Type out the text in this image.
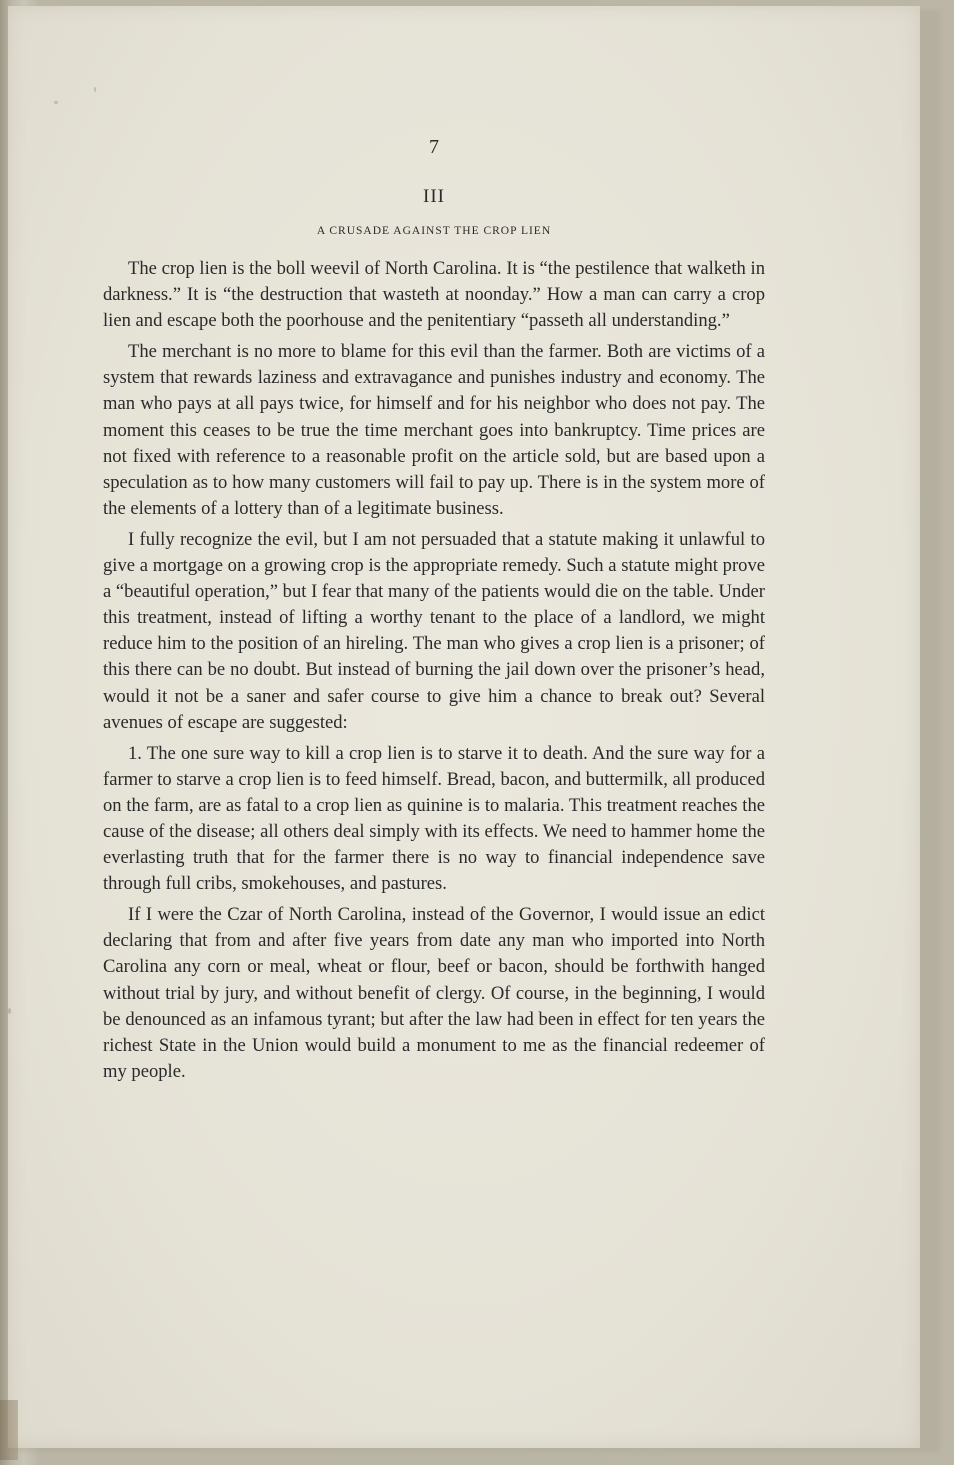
7
III
A CRUSADE AGAINST THE CROP LIEN

The crop lien is the boll weevil of North Carolina. It is “the pestilence that walketh in darkness.” It is “the destruction that wasteth at noonday.” How a man can carry a crop lien and escape both the poorhouse and the penitentiary “passeth all understanding.”

The merchant is no more to blame for this evil than the farmer. Both are victims of a system that rewards laziness and extravagance and punishes industry and economy. The man who pays at all pays twice, for himself and for his neighbor who does not pay. The moment this ceases to be true the time merchant goes into bankruptcy. Time prices are not fixed with reference to a reasonable profit on the article sold, but are based upon a speculation as to how many customers will fail to pay up. There is in the system more of the elements of a lottery than of a legitimate business.

I fully recognize the evil, but I am not persuaded that a statute making it unlawful to give a mortgage on a growing crop is the appropriate remedy. Such a statute might prove a “beautiful operation,” but I fear that many of the patients would die on the table. Under this treatment, instead of lifting a worthy tenant to the place of a landlord, we might reduce him to the position of an hireling. The man who gives a crop lien is a prisoner; of this there can be no doubt. But instead of burning the jail down over the prisoner’s head, would it not be a saner and safer course to give him a chance to break out? Several avenues of escape are suggested:

1. The one sure way to kill a crop lien is to starve it to death. And the sure way for a farmer to starve a crop lien is to feed himself. Bread, bacon, and buttermilk, all produced on the farm, are as fatal to a crop lien as quinine is to malaria. This treatment reaches the cause of the disease; all others deal simply with its effects. We need to hammer home the everlasting truth that for the farmer there is no way to financial independence save through full cribs, smokehouses, and pastures.

If I were the Czar of North Carolina, instead of the Governor, I would issue an edict declaring that from and after five years from date any man who imported into North Carolina any corn or meal, wheat or flour, beef or bacon, should be forthwith hanged without trial by jury, and without benefit of clergy. Of course, in the beginning, I would be denounced as an infamous tyrant; but after the law had been in effect for ten years the richest State in the Union would build a monument to me as the financial redeemer of my people.
